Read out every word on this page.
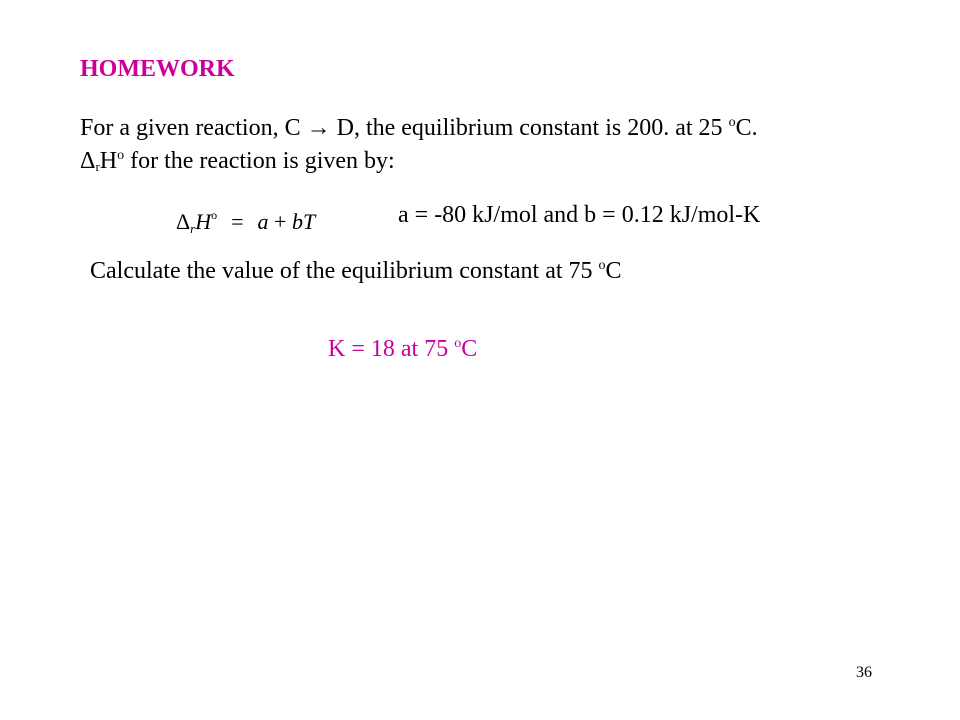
HOMEWORK
For a given reaction, C → D, the equilibrium constant is 200. at 25 $^o$C. $\Delta_rH^o$ for the reaction is given by:
$\Delta_rH^o = a$ + bT	a = -80 kJ/mol and b = 0.12 kJ/mol-K
Calculate the value of the equilibrium constant at 75 $^o$C
K = 18 at 75 $^o$C
36
